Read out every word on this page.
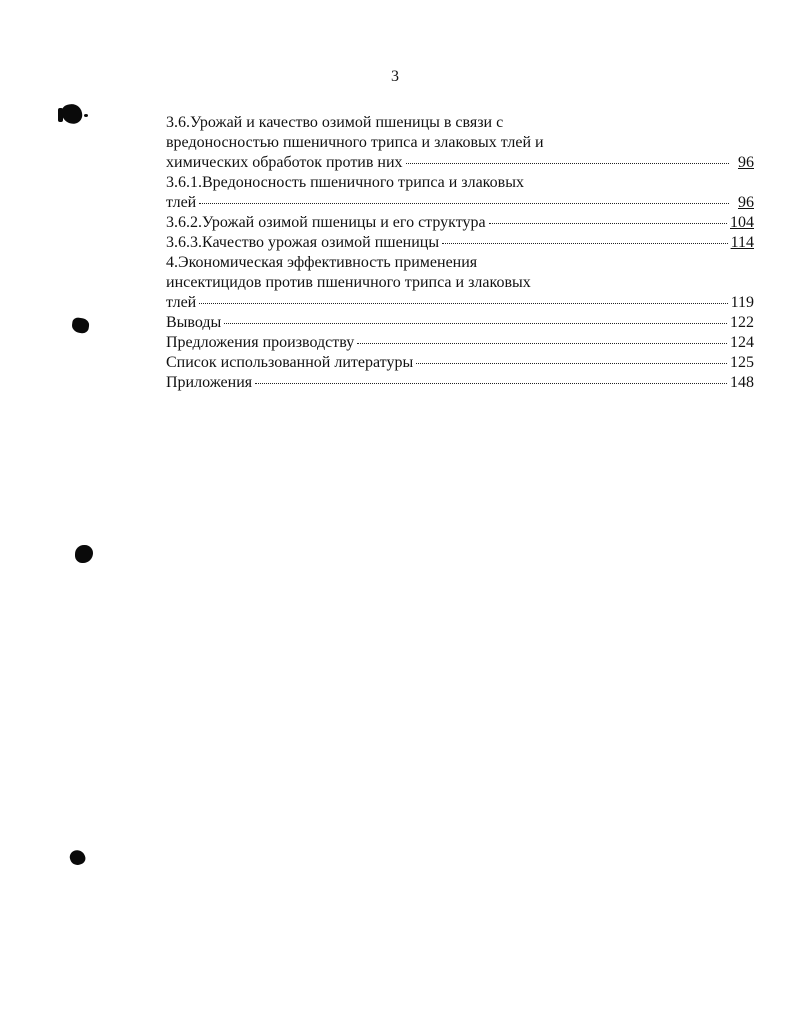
3
3.6.Урожай и качество озимой пшеницы в связи с
вредоносностью пшеничного трипса и злаковых тлей и
химических обработок против них	96
3.6.1.Вредоносность пшеничного трипса и злаковых
тлей	96
3.6.2.Урожай озимой пшеницы и его структура	104
3.6.3.Качество урожая озимой пшеницы	114
4.Экономическая эффективность применения
инсектицидов против пшеничного трипса и злаковых
тлей	119
Выводы	122
Предложения производству	124
Список использованной литературы	125
Приложения	148
